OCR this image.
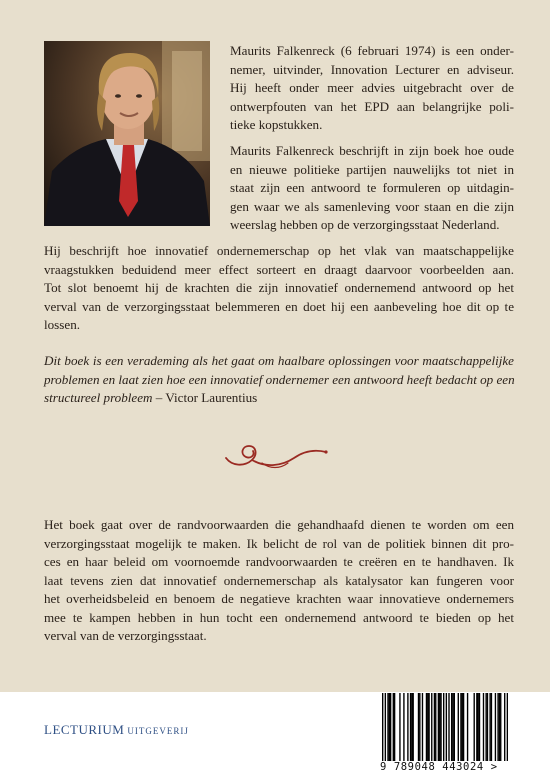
Maurits Falkenreck (6 februari 1974) is een onder-
nemer, uitvinder, Innovation Lecturer en adviseur.
Hij heeft onder meer advies uitgebracht over de
ontwerpfouten van het EPD aan belangrijke poli-
tieke kopstukken.

Maurits Falkenreck beschrijft in zijn boek hoe oude
en nieuwe politieke partijen nauwelijks tot niet in
staat zijn een antwoord te formuleren op uitdagin-
gen waar we als samenleving voor staan en die zijn
weerslag hebben op de verzorgingsstaat Nederland.

Hij beschrijft hoe innovatief ondernemerschap op het vlak van maatschappelijke
vraagstukken beduidend meer effect sorteert en draagt daarvoor voorbeelden aan.
Tot slot benoemt hij de krachten die zijn innovatief ondernemend antwoord op het
verval van de verzorgingsstaat belemmeren en doet hij een aanbeveling hoe dit op te
lossen.

Dit boek is een verademing als het gaat om haalbare oplossingen voor maatschappelijke
problemen en laat zien hoe een innovatief ondernemer een antwoord heeft bedacht op een
structureel probleem – Victor Laurentius

Het boek gaat over de randvoorwaarden die gehandhaafd dienen te worden om een
verzorgingsstaat mogelijk te maken. Ik belicht de rol van de politiek binnen dit pro-
ces en haar beleid om voornoemde randvoorwaarden te creëren en te handhaven. Ik
laat tevens zien dat innovatief ondernemerschap als katalysator kan fungeren voor
het overheidsbeleid en benoem de negatieve krachten waar innovatieve ondernemers
mee te kampen hebben in hun tocht een ondernemend antwoord te bieden op het
verval van de verzorgingsstaat.

LECTURIUM UITGEVERIJ
9 789048 443024 >
